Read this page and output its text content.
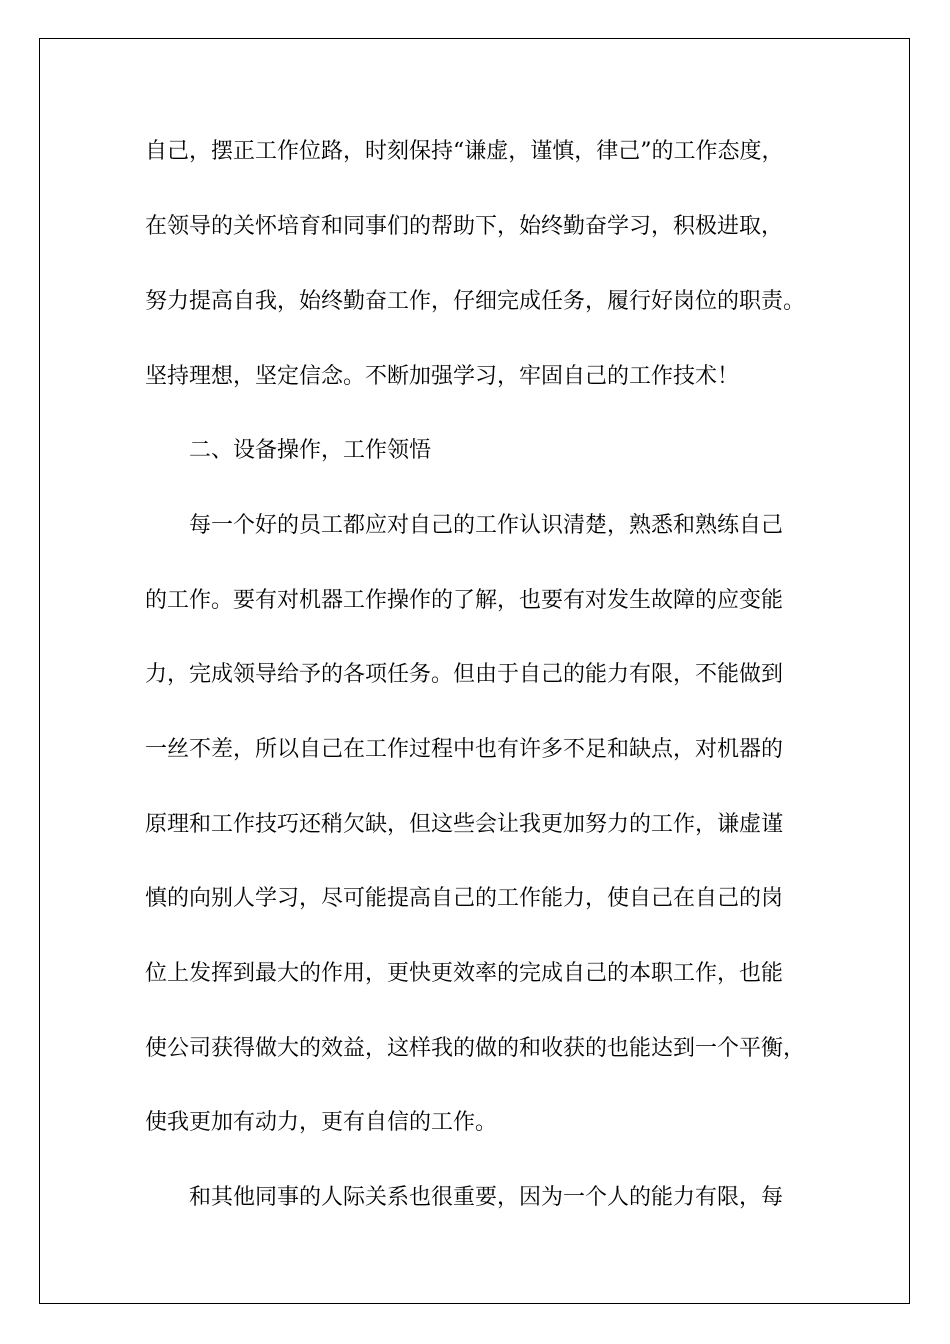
自己，摆正工作位路，时刻保持“谦虚，谨慎，律己”的工作态度，
在领导的关怀培育和同事们的帮助下，始终勤奋学习，积极进取，
努力提高自我，始终勤奋工作，仔细完成任务，履行好岗位的职责。
坚持理想，坚定信念。不断加强学习，牢固自己的工作技术！
二、设备操作，工作领悟
每一个好的员工都应对自己的工作认识清楚，熟悉和熟练自己
的工作。要有对机器工作操作的了解，也要有对发生故障的应变能
力，完成领导给予的各项任务。但由于自己的能力有限，不能做到
一丝不差，所以自己在工作过程中也有许多不足和缺点，对机器的
原理和工作技巧还稍欠缺，但这些会让我更加努力的工作，谦虚谨
慎的向别人学习，尽可能提高自己的工作能力，使自己在自己的岗
位上发挥到最大的作用，更快更效率的完成自己的本职工作，也能
使公司获得做大的效益，这样我的做的和收获的也能达到一个平衡，
使我更加有动力，更有自信的工作。
和其他同事的人际关系也很重要，因为一个人的能力有限，每
